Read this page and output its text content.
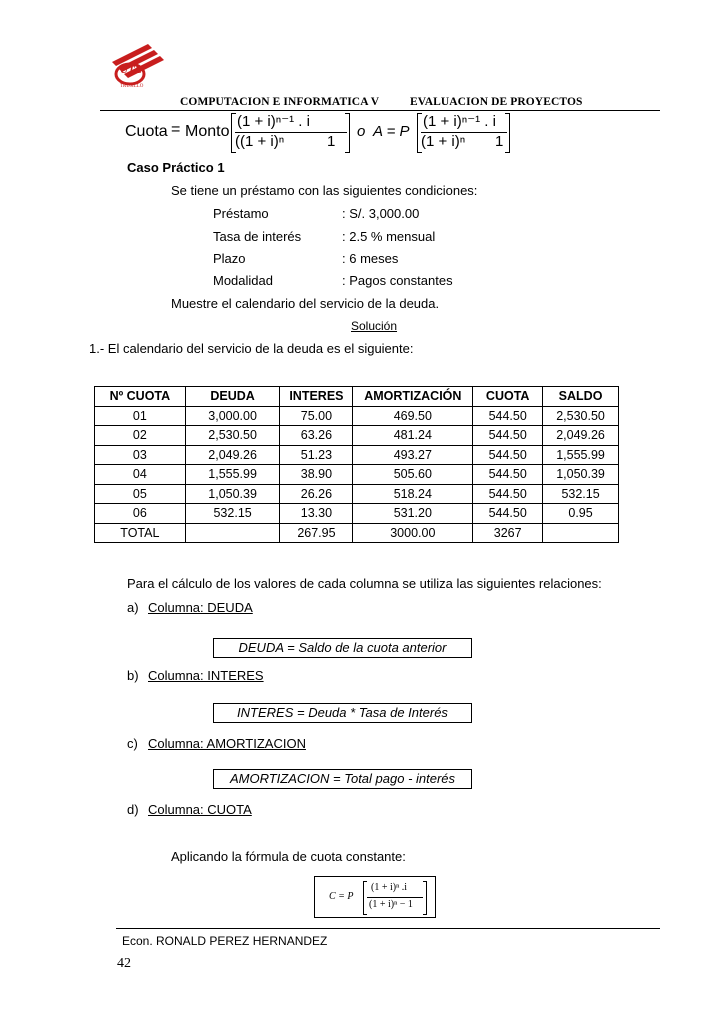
UTE
TRUJILLO
COMPUTACION E INFORMATICA V	EVALUACION DE PROYECTOS
Cuota = Monto
(1 + i)ⁿ⁻¹ . i
((1 + i)ⁿ	1
o A = P
(1 + i)ⁿ⁻¹ . i
(1 + i)ⁿ 1
Caso Práctico 1
Se tiene un préstamo con las siguientes condiciones:
Préstamo	: S/. 3,000.00
Tasa de interés	: 2.5 % mensual
Plazo	: 6 meses
Modalidad	: Pagos constantes
Muestre el calendario del servicio de la deuda.
Solución
1.- El calendario del servicio de la deuda es el siguiente:
Nº CUOTA	DEUDA	INTERES	AMORTIZACIÓN	CUOTA	SALDO
01	3,000.00	75.00	469.50	544.50	2,530.50
02	2,530.50	63.26	481.24	544.50	2,049.26
03	2,049.26	51.23	493.27	544.50	1,555.99
04	1,555.99	38.90	505.60	544.50	1,050.39
05	1,050.39	26.26	518.24	544.50	532.15
06	532.15	13.30	531.20	544.50	0.95
TOTAL		267.95	3000.00	3267	
Para el cálculo de los valores de cada columna se utiliza las siguientes relaciones:
a) Columna: DEUDA
DEUDA = Saldo de la cuota anterior
b) Columna: INTERES
INTERES = Deuda * Tasa de Interés
c) Columna: AMORTIZACION
AMORTIZACION = Total pago - interés
d) Columna: CUOTA
Aplicando la fórmula de cuota constante:
C = P
(1 + i)ⁿ .i
(1 + i)ⁿ − 1
Econ. RONALD PEREZ HERNANDEZ
42
